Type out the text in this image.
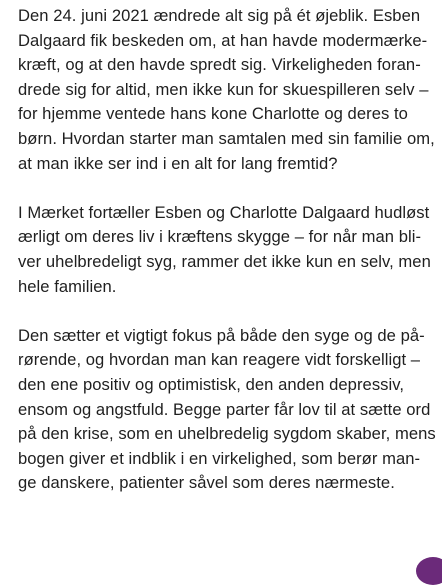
Den 24. juni 2021 ændrede alt sig på ét øjeblik. Esben
Dalgaard fik beskeden om, at han havde modermærke-
kræft, og at den havde spredt sig. Virkeligheden foran-
drede sig for altid, men ikke kun for skuespilleren selv –
for hjemme ventede hans kone Charlotte og deres to
børn. Hvordan starter man samtalen med sin familie om,
at man ikke ser ind i en alt for lang fremtid?

I Mærket fortæller Esben og Charlotte Dalgaard hudløst
ærligt om deres liv i kræftens skygge – for når man bli-
ver uhelbredeligt syg, rammer det ikke kun en selv, men
hele familien.

Den sætter et vigtigt fokus på både den syge og de på-
rørende, og hvordan man kan reagere vidt forskelligt –
den ene positiv og optimistisk, den anden depressiv,
ensom og angstfuld. Begge parter får lov til at sætte ord
på den krise, som en uhelbredelig sygdom skaber, mens
bogen giver et indblik i en virkelighed, som berør man-
ge danskere, patienter såvel som deres nærmeste.
